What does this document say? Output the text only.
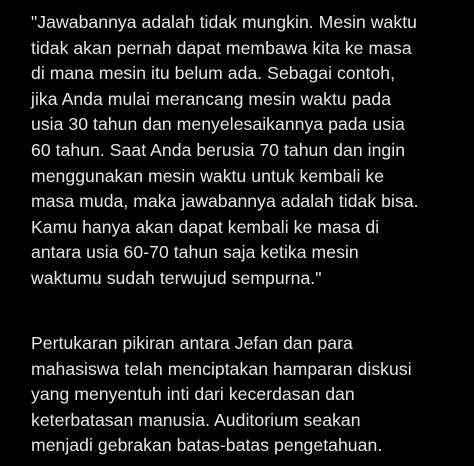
"Jawabannya adalah tidak mungkin. Mesin waktu
tidak akan pernah dapat membawa kita ke masa
di mana mesin itu belum ada. Sebagai contoh,
jika Anda mulai merancang mesin waktu pada
usia 30 tahun dan menyelesaikannya pada usia
60 tahun. Saat Anda berusia 70 tahun dan ingin
menggunakan mesin waktu untuk kembali ke
masa muda, maka jawabannya adalah tidak bisa.
Kamu hanya akan dapat kembali ke masa di
antara usia 60-70 tahun saja ketika mesin
waktumu sudah terwujud sempurna."
Pertukaran pikiran antara Jefan dan para
mahasiswa telah menciptakan hamparan diskusi
yang menyentuh inti dari kecerdasan dan
keterbatasan manusia. Auditorium seakan
menjadi gebrakan batas-batas pengetahuan.
